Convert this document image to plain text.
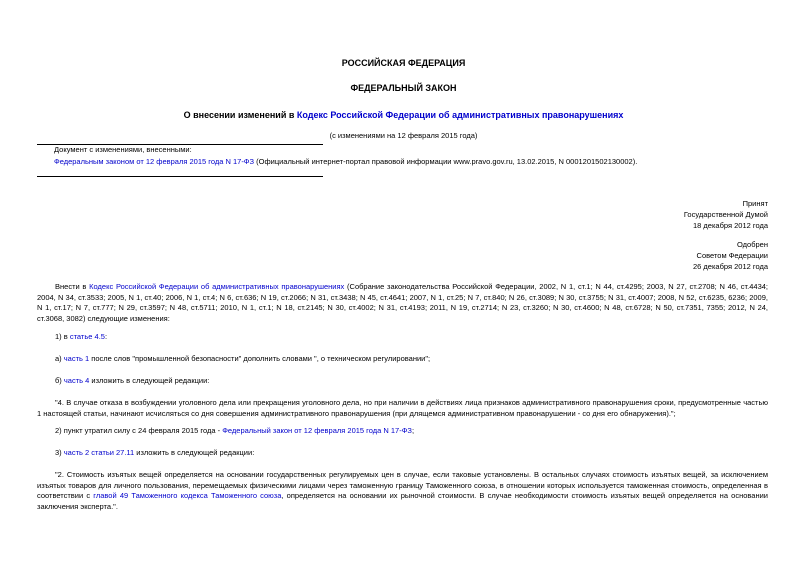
РОССИЙСКАЯ ФЕДЕРАЦИЯ
ФЕДЕРАЛЬНЫЙ ЗАКОН
О внесении изменений в Кодекс Российской Федерации об административных правонарушениях
(с изменениями на 12 февраля 2015 года)
Документ с изменениями, внесенными:
Федеральным законом от 12 февраля 2015 года N 17-ФЗ (Официальный интернет-портал правовой информации www.pravo.gov.ru, 13.02.2015, N 0001201502130002).
Принят
Государственной Думой
18 декабря 2012 года
Одобрен
Советом Федерации
26 декабря 2012 года
Внести в Кодекс Российской Федерации об административных правонарушениях (Собрание законодательства Российской Федерации, 2002, N 1, ст.1; N 44, ст.4295; 2003, N 27, ст.2708; N 46, ст.4434; 2004, N 34, ст.3533; 2005, N 1, ст.40; 2006, N 1, ст.4; N 6, ст.636; N 19, ст.2066; N 31, ст.3438; N 45, ст.4641; 2007, N 1, ст.25; N 7, ст.840; N 26, ст.3089; N 30, ст.3755; N 31, ст.4007; 2008, N 52, ст.6235, 6236; 2009, N 1, ст.17; N 7, ст.777; N 29, ст.3597; N 48, ст.5711; 2010, N 1, ст.1; N 18, ст.2145; N 30, ст.4002; N 31, ст.4193; 2011, N 19, ст.2714; N 23, ст.3260; N 30, ст.4600; N 48, ст.6728; N 50, ст.7351, 7355; 2012, N 24, ст.3068, 3082) следующие изменения:
1) в статье 4.5:
а) часть 1 после слов "промышленной безопасности" дополнить словами ", о техническом регулировании";
б) часть 4 изложить в следующей редакции:
"4. В случае отказа в возбуждении уголовного дела или прекращения уголовного дела, но при наличии в действиях лица признаков административного правонарушения сроки, предусмотренные частью 1 настоящей статьи, начинают исчисляться со дня совершения административного правонарушения (при длящемся административном правонарушении - со дня его обнаружения).";
2) пункт утратил силу с 24 февраля 2015 года - Федеральный закон от 12 февраля 2015 года N 17-ФЗ;
3) часть 2 статьи 27.11 изложить в следующей редакции:
"2. Стоимость изъятых вещей определяется на основании государственных регулируемых цен в случае, если таковые установлены. В остальных случаях стоимость изъятых вещей, за исключением изъятых товаров для личного пользования, перемещаемых физическими лицами через таможенную границу Таможенного союза, в отношении которых используется таможенная стоимость, определенная в соответствии с главой 49 Таможенного кодекса Таможенного союза, определяется на основании их рыночной стоимости. В случае необходимости стоимость изъятых вещей определяется на основании заключения эксперта.".
